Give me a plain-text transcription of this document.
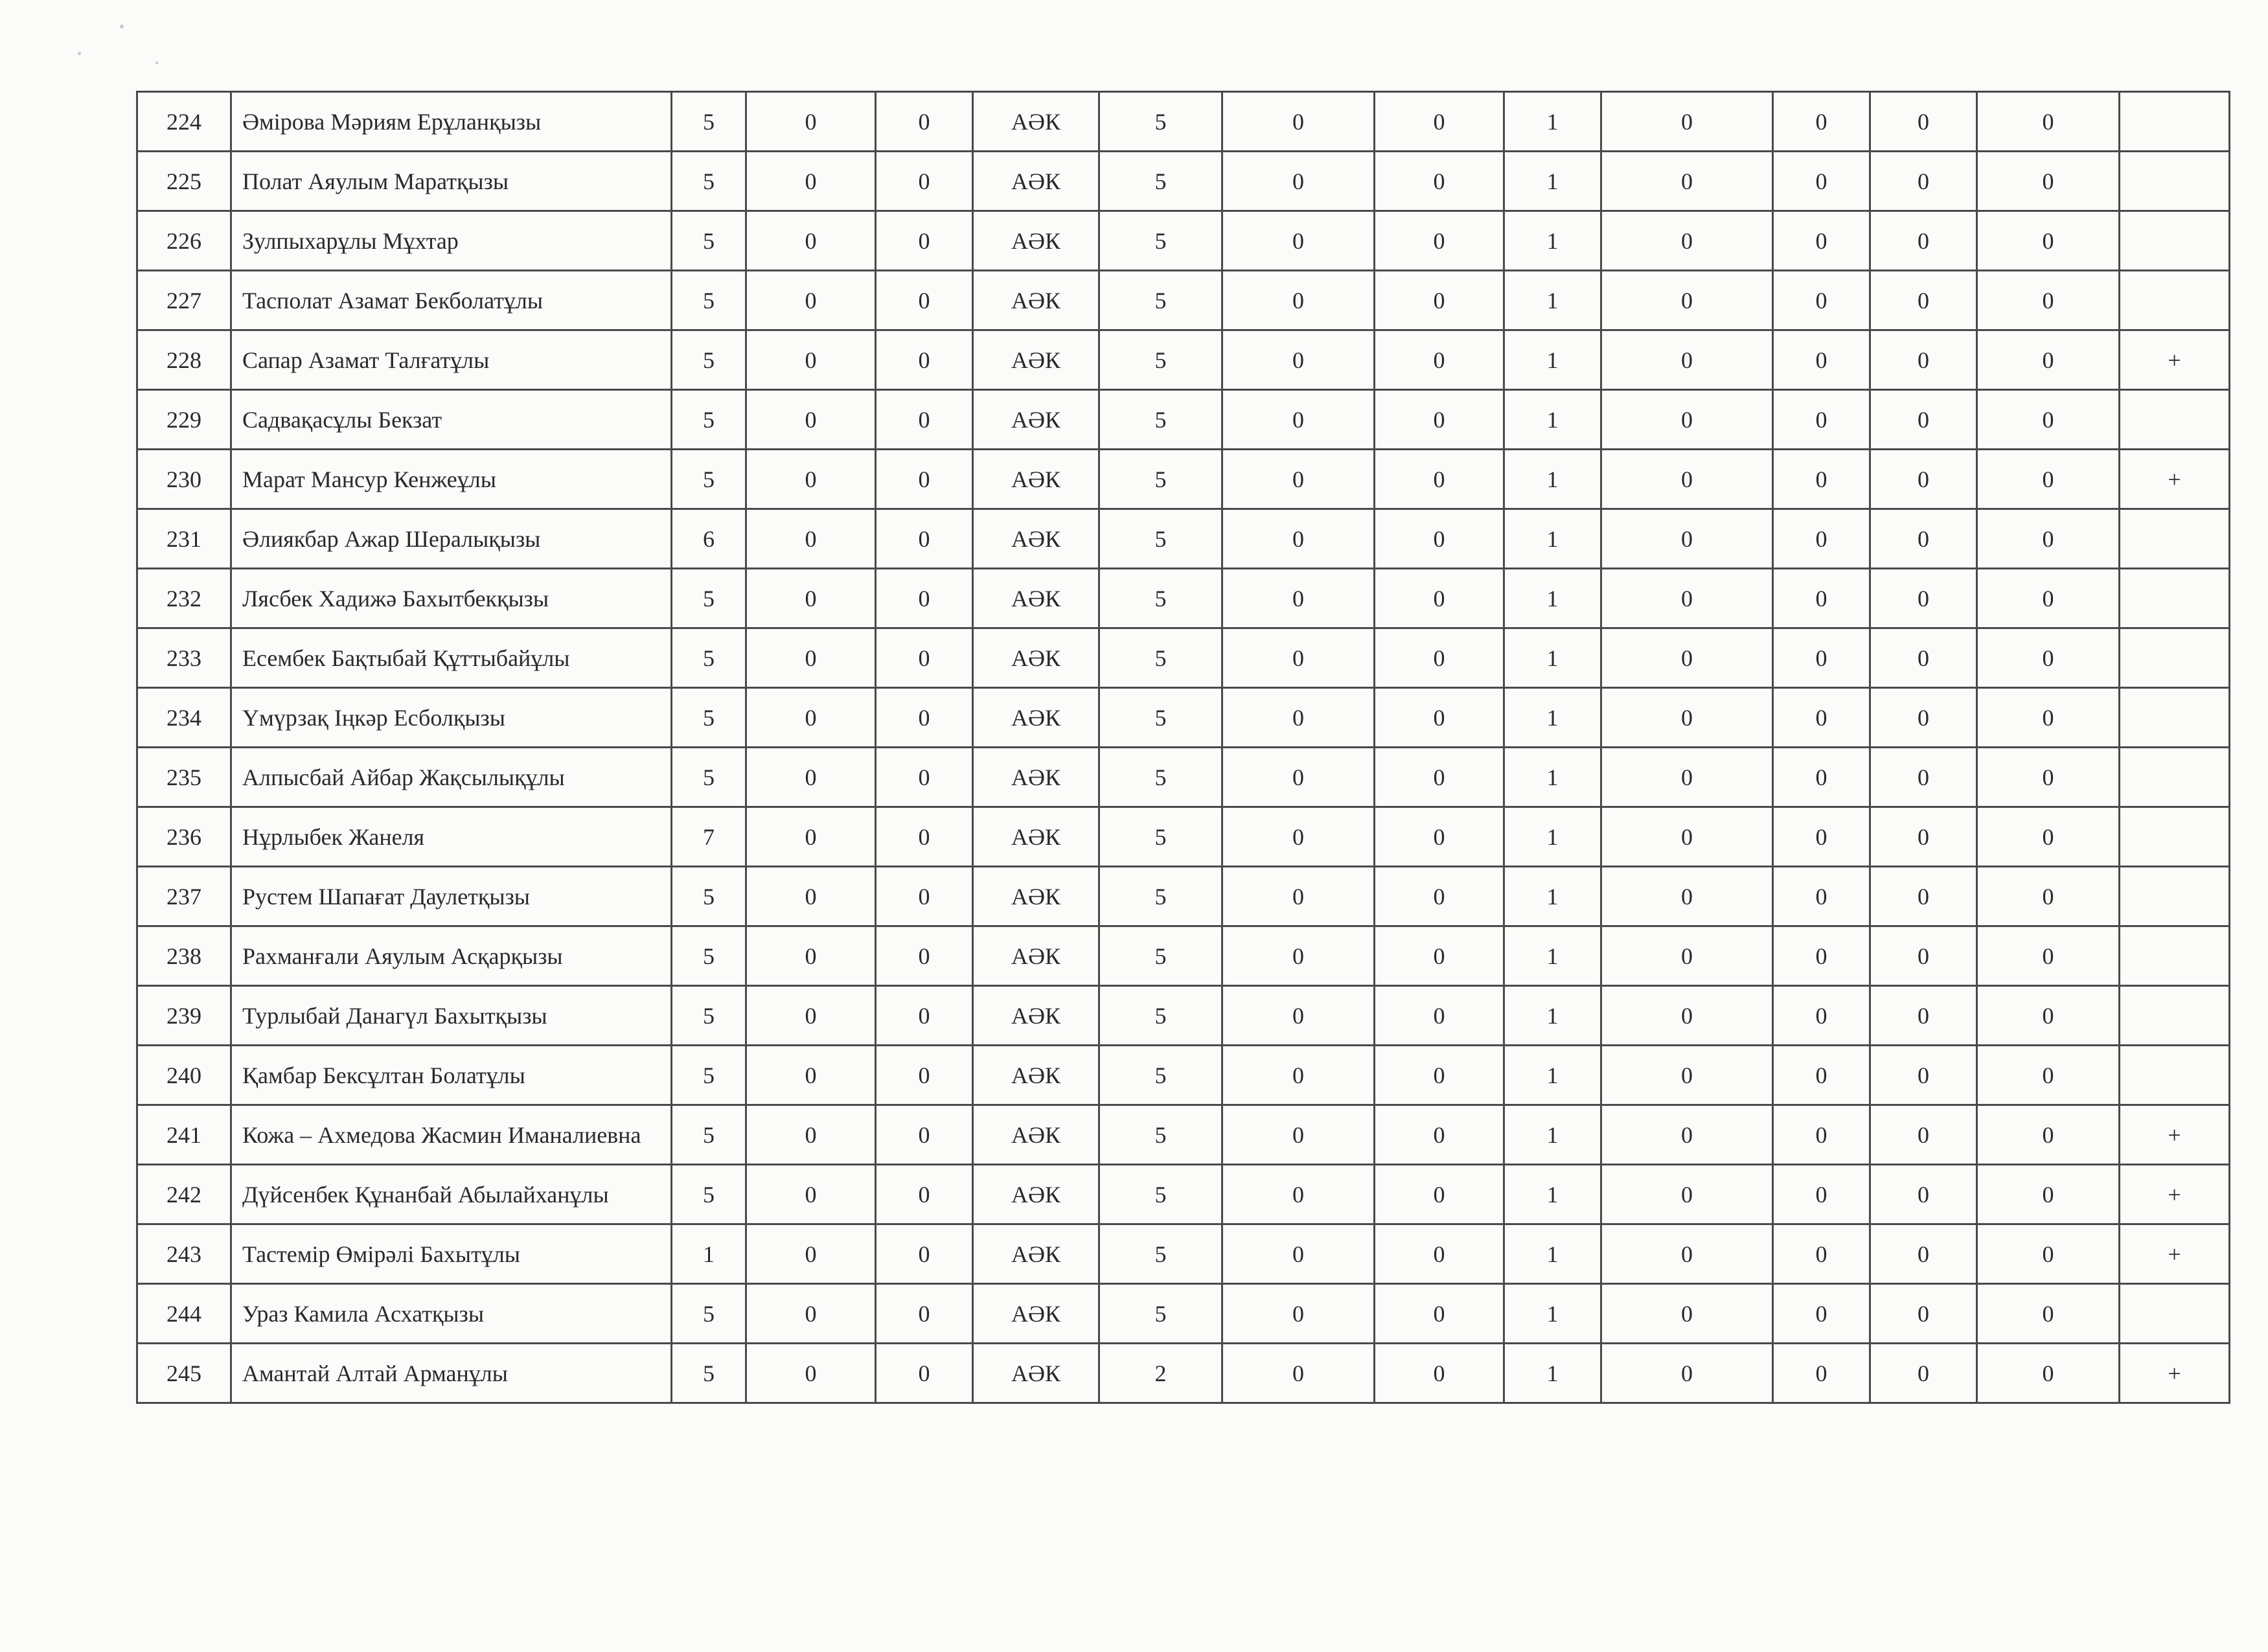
224	Әмірова Мәриям Ерұланқызы	5	0	0	АӘК	5	0	0	1	0	0	0	0	
225	Полат Аяулым Маратқызы	5	0	0	АӘК	5	0	0	1	0	0	0	0	
226	Зулпыхарұлы Мұхтар	5	0	0	АӘК	5	0	0	1	0	0	0	0	
227	Тасполат Азамат Бекболатұлы	5	0	0	АӘК	5	0	0	1	0	0	0	0	
228	Сапар Азамат Талғатұлы	5	0	0	АӘК	5	0	0	1	0	0	0	0	+
229	Садвақасұлы Бекзат	5	0	0	АӘК	5	0	0	1	0	0	0	0	
230	Марат Мансур Кенжеұлы	5	0	0	АӘК	5	0	0	1	0	0	0	0	+
231	Әлиякбар Ажар Шералықызы	6	0	0	АӘК	5	0	0	1	0	0	0	0	
232	Лясбек Хадижә Бахытбекқызы	5	0	0	АӘК	5	0	0	1	0	0	0	0	
233	Есембек Бақтыбай Құттыбайұлы	5	0	0	АӘК	5	0	0	1	0	0	0	0	
234	Үмүрзақ Іңкәр Есболқызы	5	0	0	АӘК	5	0	0	1	0	0	0	0	
235	Алпысбай Айбар Жақсылықұлы	5	0	0	АӘК	5	0	0	1	0	0	0	0	
236	Нұрлыбек Жанеля	7	0	0	АӘК	5	0	0	1	0	0	0	0	
237	Рустем Шапағат Даулетқызы	5	0	0	АӘК	5	0	0	1	0	0	0	0	
238	Рахманғали Аяулым Асқарқызы	5	0	0	АӘК	5	0	0	1	0	0	0	0	
239	Турлыбай Данагүл Бахытқызы	5	0	0	АӘК	5	0	0	1	0	0	0	0	
240	Қамбар Бексұлтан Болатұлы	5	0	0	АӘК	5	0	0	1	0	0	0	0	
241	Кожа – Ахмедова Жасмин Иманалиевна	5	0	0	АӘК	5	0	0	1	0	0	0	0	+
242	Дүйсенбек Құнанбай Абылайханұлы	5	0	0	АӘК	5	0	0	1	0	0	0	0	+
243	Тастемір Өмірәлі Бахытұлы	1	0	0	АӘК	5	0	0	1	0	0	0	0	+
244	Ураз Камила Асхатқызы	5	0	0	АӘК	5	0	0	1	0	0	0	0	
245	Амантай Алтай Арманұлы	5	0	0	АӘК	2	0	0	1	0	0	0	0	+
